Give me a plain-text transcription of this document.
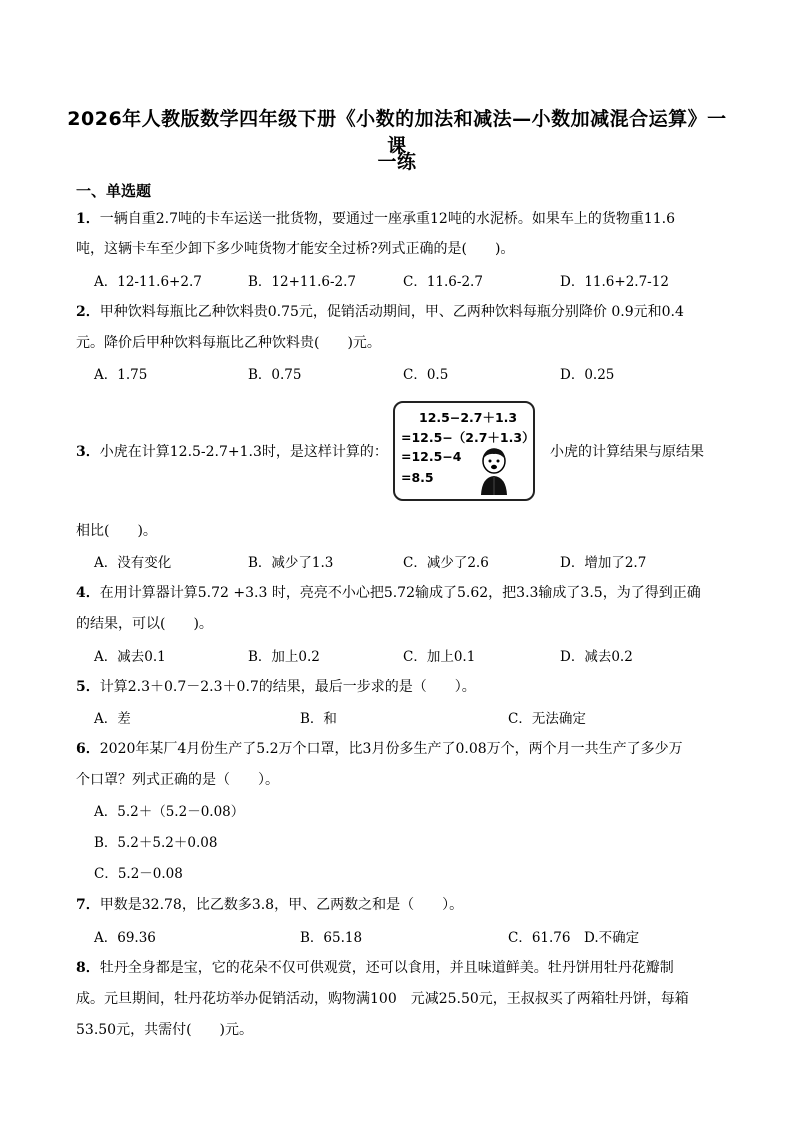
2026年人教版数学四年级下册《小数的加法和减法—小数加减混合运算》一课
一练
一、单选题
1．一辆自重2.7吨的卡车运送一批货物，要通过一座承重12吨的水泥桥。如果车上的货物重11.6
吨，这辆卡车至少卸下多少吨货物才能安全过桥?列式正确的是(　　)。
A．12-11.6+2.7	B．12+11.6-2.7	C．11.6-2.7	D．11.6+2.7-12
2．甲种饮料每瓶比乙种饮料贵0.75元，促销活动期间，甲、乙两种饮料每瓶分别降价 0.9元和0.4
元。降价后甲种饮料每瓶比乙种饮料贵(　　)元。
A．1.75	B．0.75	C．0.5	D．0.25
3．小虎在计算12.5-2.7+1.3时，是这样计算的：	小虎的计算结果与原结果
12.5−2.7＋1.3
=12.5−（2.7＋1.3）
=12.5−4
=8.5
相比(　　)。
A．没有变化	B．减少了1.3	C．减少了2.6	D．增加了2.7
4．在用计算器计算5.72 +3.3 时，亮亮不小心把5.72输成了5.62，把3.3输成了3.5，为了得到正确
的结果，可以(　　)。
A．减去0.1	B．加上0.2	C．加上0.1	D．减去0.2
5．计算2.3＋0.7－2.3＋0.7的结果，最后一步求的是（　　）。
A．差	B．和	C．无法确定
6．2020年某厂4月份生产了5.2万个口罩，比3月份多生产了0.08万个，两个月一共生产了多少万
个口罩？列式正确的是（　　）。
A．5.2＋（5.2－0.08）
B．5.2＋5.2＋0.08
C．5.2－0.08
7．甲数是32.78，比乙数多3.8，甲、乙两数之和是（　　）。
A．69.36	B．65.18	C．61.76　D.不确定
8．牡丹全身都是宝，它的花朵不仅可供观赏，还可以食用，并且味道鲜美。牡丹饼用牡丹花瓣制
成。元旦期间，牡丹花坊举办促销活动，购物满100　元减25.50元，王叔叔买了两箱牡丹饼，每箱
53.50元，共需付(　　)元。
